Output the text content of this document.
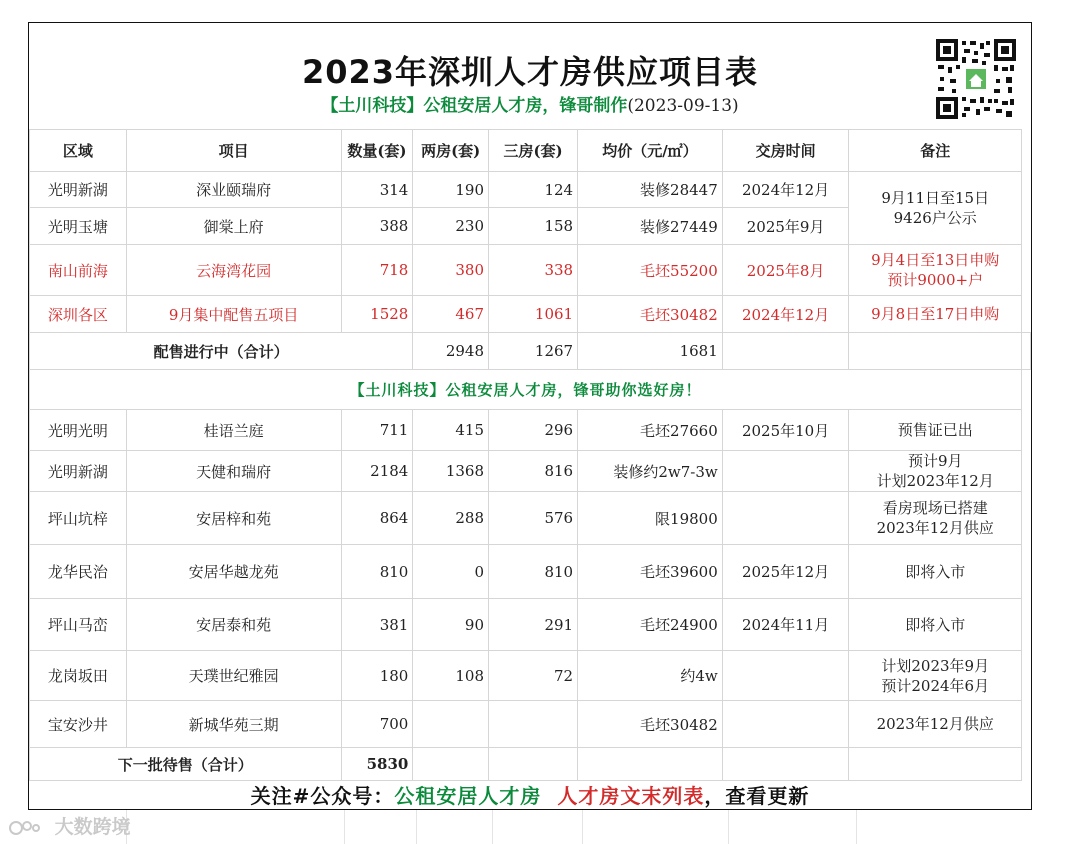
2023年深圳人才房供应项目表
【土川科技】公租安居人才房，锋哥制作(2023-09-13)
区域	项目	数量(套)	两房(套)	三房(套)	均价（元/㎡）	交房时间	备注	
光明新湖	深业颐瑞府	314	190	124	装修28447	2024年12月	9月11日至15日
9426户公示	

光明玉塘	御棠上府	388	230	158	装修27449	2025年9月		
南山前海	云海湾花园	718	380	338	毛坯55200	2025年8月	9月4日至13日申购
预计9000+户	

深圳各区	9月集中配售五项目	1528	467	1061	毛坯30482	2024年12月	9月8日至17日申购	

配售进行中（合计）			2948	1267	1681			
【土川科技】公租安居人才房，锋哥助你选好房！								
光明光明	桂语兰庭	711	415	296	毛坯27660	2025年10月	预售证已出	

光明新湖	天健和瑞府	2184	1368	816	装修约2w7-3w		预计9月
计划2023年12月	

坪山坑梓	安居梓和苑	864	288	576	限19800		看房现场已搭建
2023年12月供应	

龙华民治	安居华越龙苑	810	0	810	毛坯39600	2025年12月	即将入市	

坪山马峦	安居泰和苑	381	90	291	毛坯24900	2024年11月	即将入市	

龙岗坂田	天璞世纪雅园	180	108	72	约4w		计划2023年9月
预计2024年6月	

宝安沙井	新城华苑三期	700			毛坯30482		2023年12月供应	

下一批待售（合计）		5830						
关注#公众号：公租安居人才房 人才房文末列表，查看更新
大数跨境
